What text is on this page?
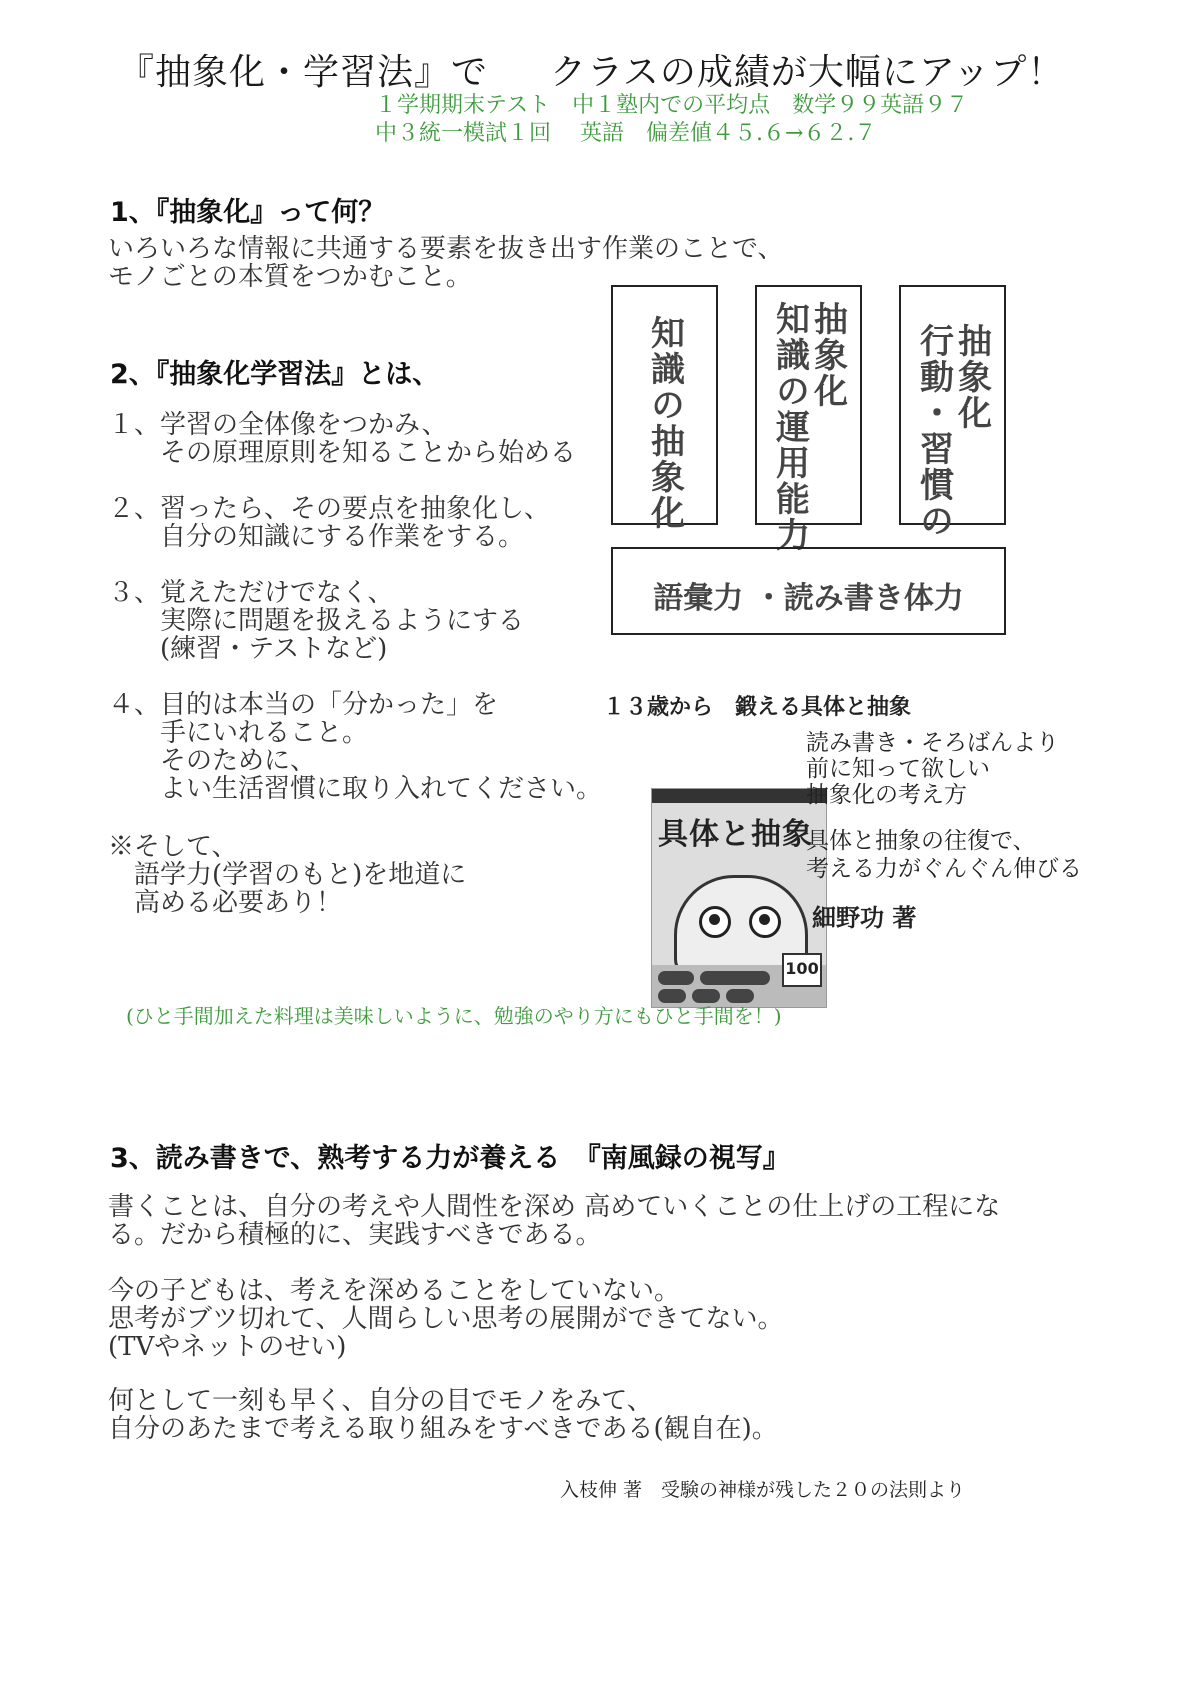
『抽象化・学習法』で クラスの成績が大幅にアップ！
１学期期末テスト　中１塾内での平均点　数学９９英語９７
中３統一模試１回　 英語　偏差値４５.６→６２.７
1、『抽象化』って何？
いろいろな情報に共通する要素を抜き出す作業のことで、
モノごとの本質をつかむこと。
2、『抽象化学習法』とは、
１、学習の全体像をつかみ、
　　その原理原則を知ることから始める
２、習ったら、その要点を抽象化し、
　　自分の知識にする作業をする。
３、覚えただけでなく、
　　実際に問題を扱えるようにする
　　(練習・テストなど)
４、目的は本当の「分かった」を
　　手にいれること。
　　そのために、
　　よい生活習慣に取り入れてください。
※そして、
　語学力(学習のもと)を地道に
　高める必要あり！
知識の抽象化	抽象化
知識の運用能力	抽象化
行動・習慣の
語彙力 ・読み書き体力
１３歳から　鍛える具体と抽象
具体と抽象
100
読み書き・そろばんより
前に知って欲しい
抽象化の考え方
具体と抽象の往復で、
考える力がぐんぐん伸びる
細野功 著
(ひと手間加えた料理は美味しいように、勉強のやり方にもひと手間を！)
3、読み書きで、熟考する力が養える　『南風録の視写』
書くことは、自分の考えや人間性を深め 高めていくことの仕上げの工程にな
る。だから積極的に、実践すべきである。
今の子どもは、考えを深めることをしていない。
思考がブツ切れて、人間らしい思考の展開ができてない。
(TVやネットのせい)
何として一刻も早く、自分の目でモノをみて、
自分のあたまで考える取り組みをすべきである(観自在)。
入枝伸 著　受験の神様が残した２０の法則より
